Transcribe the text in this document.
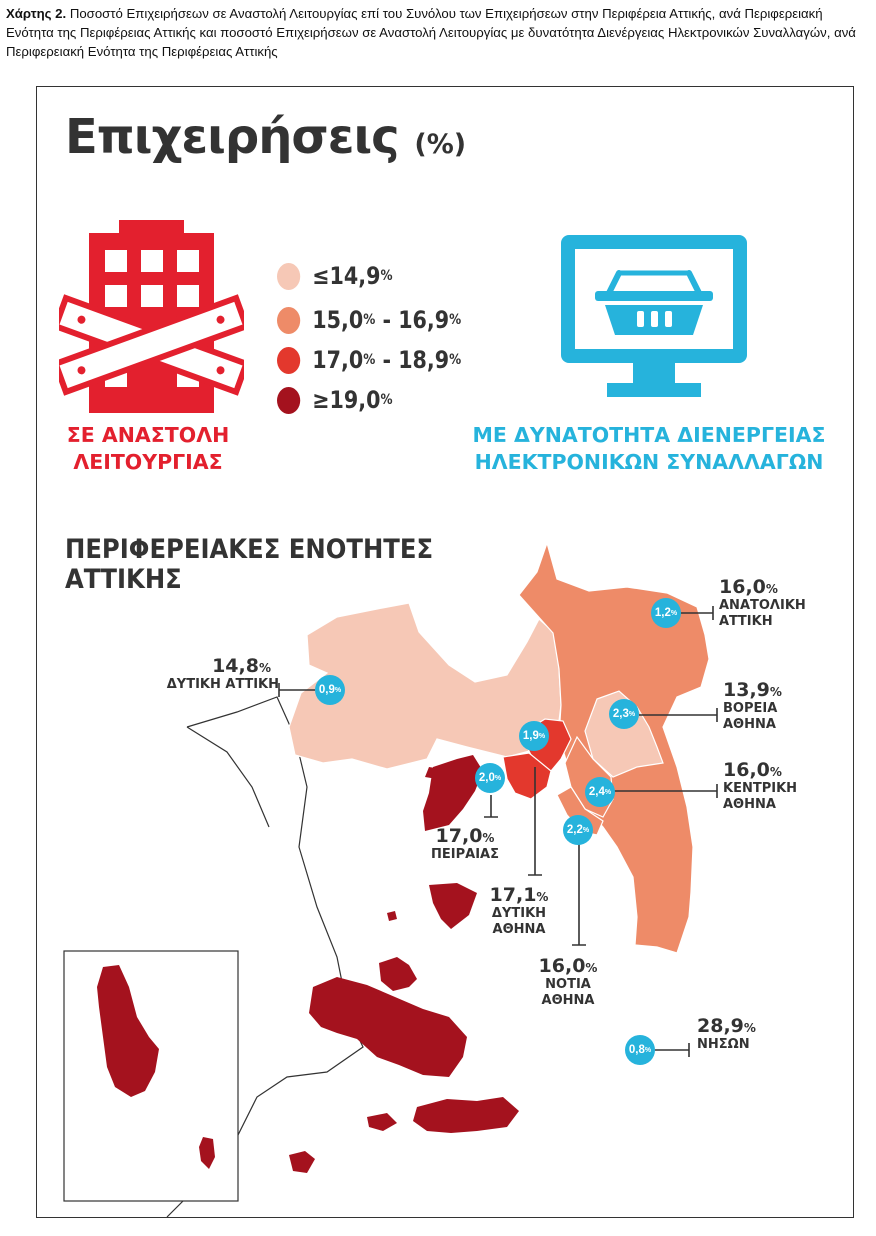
Χάρτης 2. Ποσοστό Επιχειρήσεων σε Αναστολή Λειτουργίας επί του Συνόλου των Επιχειρήσεων στην Περιφέρεια Αττικής, ανά Περιφερειακή Ενότητα της Περιφέρειας Αττικής και ποσοστό Επιχειρήσεων σε Αναστολή Λειτουργίας με δυνατότητα Διενέργειας Ηλεκτρονικών Συναλλαγών, ανά Περιφερειακή Ενότητα της Περιφέρειας Αττικής
Επιχειρήσεις (%)
≤14,9 %
15,0 % - 16,9 %
17,0 % - 18,9 %
≥19,0 %
ΣΕ ΑΝΑΣΤΟΛΗ
ΛΕΙΤΟΥΡΓΙΑΣ
ΜΕ ΔΥΝΑΤΟΤΗΤΑ ΔΙΕΝΕΡΓΕΙΑΣ
ΗΛΕΚΤΡΟΝΙΚΩΝ ΣΥΝΑΛΛΑΓΩΝ
ΠΕΡΙΦΕΡΕΙΑΚΕΣ ΕΝΟΤΗΤΕΣ
ΑΤΤΙΚΗΣ	16,0%
ΑΝΑΤΟΛΙΚΗ
ΑΤΤΙΚΗ
14,8%
ΔΥΤΙΚΗ ΑΤΤΙΚΗ	13,9%
ΒΟΡΕΙΑ
ΑΘΗΝΑ
16,0%
ΚΕΝΤΡΙΚΗ
ΑΘΗΝΑ
17,0%
ΠΕΙΡΑΙΑΣ
17,1%
ΔΥΤΙΚΗ
ΑΘΗΝΑ
16,0%
ΝΟΤΙΑ
ΑΘΗΝΑ
28,9%
ΝΗΣΩΝ
1,2 %
0,9 %
2,3 %
1,9 %
2,0 %
2,4 %
2,2 %
0,8 %
